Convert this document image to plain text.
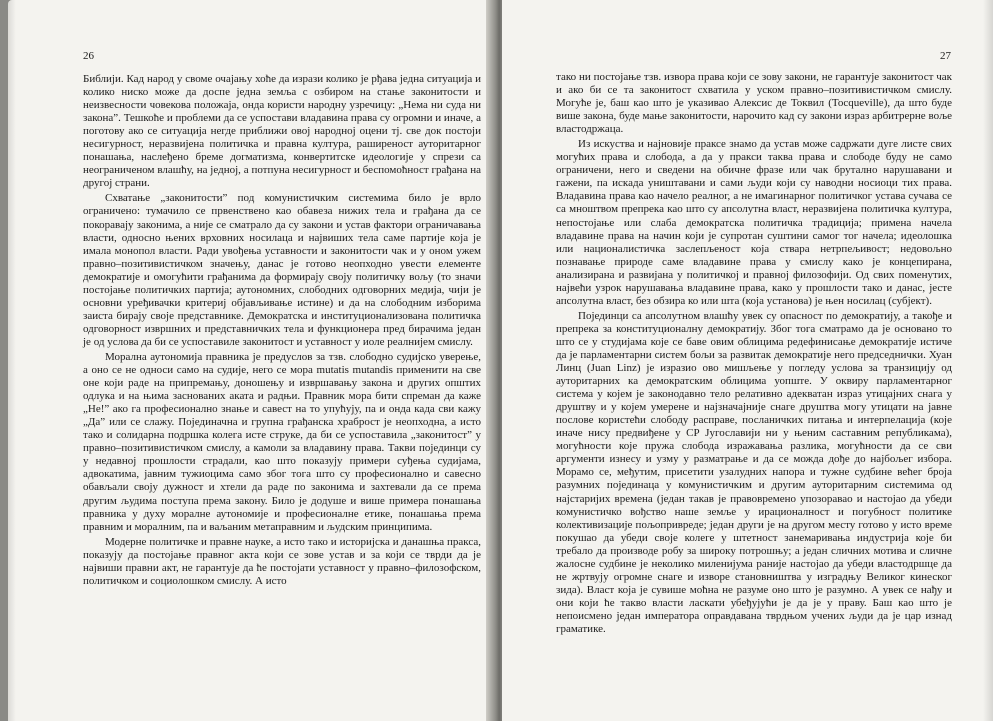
26

Библији. Кад народ у своме очајању хоће да изрази колико је рђава једна ситуација и колико ниско може да доспе једна земља с озбиром на стање законитости и неизвесности човекова положаја, онда користи народну узречицу: „Нема ни суда ни закона”. Тешкоће и проблеми да се успостави владавина права су огромни и иначе, а поготову ако се ситуација негде приближи овој народној оцени тј. све док постоји несигурност, неразвијена политичка и правна култура, раширеност ауторитарног понашања, наслеђено бреме догматизма, конвертитске идеологије у спрези са неограниченом влашћу, на једној, а потпуна несигурност и беспомоћност грађана на другој страни.

Схватање „законитости” под комунистичким системима било је врло ограничено: тумачило се првенствено као обавеза нижих тела и грађана да се покоравају законима, а није се сматрало да су закони и устав фактори ограничавања власти, односно њених врховних носилаца и највиших тела саме партије која је имала монопол власти. Ради увођења уставности и законитости чак и у оном ужем правно–позитивистичком значењу, данас је готово неопходно увести елементе демократије и омогућити грађанима да формирају своју политичку вољу (то значи постојање политичких партија; аутономних, слободних одговорних медија, чији је основни уређивачки критериј објављивање истине) и да на слободним изборима заиста бирају своје представнике. Демократска и институционализована политичка одговорност извршних и представничких тела и функционера пред бирачима један је од услова да би се успоставиле законитост и уставност у иоле реалнијем смислу.

Морална аутономија правника је предуслов за тзв. слободно судијско уверење, а оно се не односи само на судије, него се мора mutatis mutandis применити на све оне који раде на припремању, доношењу и извршавању закона и других општих одлука и на њима заснованих аката и радњи. Правник мора бити спреман да каже „Не!” ако га професионално знање и савест на то упућују, па и онда када сви кажу „Да” или се слажу. Појединачна и групна грађанска храброст је неопходна, а исто тако и солидарна подршка колега исте струке, да би се успоставила „законитост” у правно–позитивистичком смислу, а камоли за владавину права. Такви појединци су у недавној прошлости страдали, као што показују примери суђења судијама, адвокатима, јавним тужиоцима само због тога што су професионално и савесно обављали своју дужност и хтели да раде по законима и захтевали да се према другим људима поступа према закону. Било је додуше и више примера понашања правника у духу моралне аутономије и професионалне етике, понашања према правним и моралним, па и ваљаним метаправним и људским принципима.

Модерне политичке и правне науке, а исто тако и историјска и данашња пракса, показују да постојање правног акта који се зове устав и за који се тврди да је највиши правни акт, не гарантује да ће постојати уставност у правно–филозофском, политичком и социолошком смислу. А исто

27

тако ни постојање тзв. извора права који се зову закони, не гарантује законитост чак и ако би се та законитост схватила у уском правно–позитивистичком смислу. Могуће је, баш као што је указивао Алексис де Токвил (Tocqueville), да што буде више закона, буде мање законитости, нарочито кад су закони израз арбитрерне воље властодржаца.

Из искуства и најновије праксе знамо да устав може садржати дуге листе свих могућих права и слобода, а да у пракси таква права и слободе буду не само ограничени, него и сведени на обичне фразе или чак брутално нарушавани и гажени, па искада уништавани и сами људи који су наводни носиоци тих права. Владавина права као начело реалног, а не имагинарног политичког устава сучава се са мноштвом препрека као што су апсолутна власт, неразвијена политичка култура, непостојање или слаба демократска политичка традиција; примена начела владавине права на начин који је супротан суштини самог тог начела; идеолошка или националистичка заслепљеност која ствара нетрпељивост; недовољно познавање природе саме владавине права у смислу како је концепирана, анализирана и развијана у политичкој и правној филозофији. Од свих поменутих, највећи узрок нарушавања владавине права, како у прошлости тако и данас, јесте апсолутна власт, без обзира ко или шта (која установа) је њен носилац (субјект).

Појединци са апсолутном влашћу увек су опасност по демократију, а такође и препрека за конституционалну демократију. Због тога сматрамо да је основано то што се у студијама које се баве овим облицима редефинисање демократије истиче да је парламентарни систем бољи за развитак демократије него председнички. Хуан Линц (Juan Linz) је изразио ово мишљење у погледу услова за транзицију од ауторитарних ка демократским облицима уопште. У оквиру парламентарног система у којем је законодавно тело релативно адекватан израз утицајних снага у друштву и у којем умерене и најзначајније снаге друштва могу утицати на јавне послове користећи слободу расправе, посланичких питања и интерпелација (које иначе нису предвиђене у СР Југославији ни у њеним саставним републикама), могућности које пружа слобода изражавања разлика, могућности да се сви аргументи изнесу и узму у разматрање и да се можда дође до најбољег избора. Морамо се, међутим, присетити узалудних напора и тужне судбине већег броја разумних појединаца у комунистичким и другим ауторитарним системима од најстаријих времена (један такав је правовремено упозоравао и настојао да убеди комунистичко вођство наше земље у ирационалност и погубност политике колективизације пољопривреде; један други је на другом месту готово у исто време покушао да убеди своје колеге у штетност занемаривања индустрија које би требало да производе робу за широку потрошњу; а један сличних мотива и сличне жалосне судбине је неколико миленијума раније настојао да убеди властодршце да не жртвују огромне снаге и изворе становништва у изградњу Великог кинеског зида). Власт која је сувише моћна не разуме оно што је разумно. А увек се нађу и они који ће такво власти ласкати убеђујући је да је у праву. Баш као што је непоисмено један императора оправдавана тврдњом учених људи да је цар изнад граматике.
